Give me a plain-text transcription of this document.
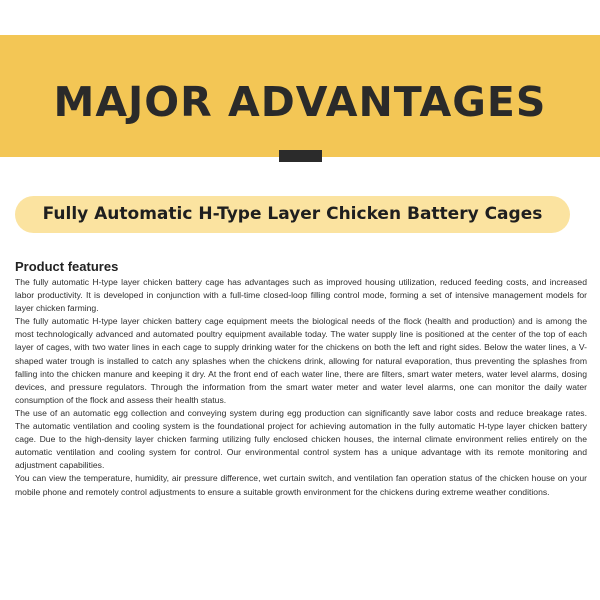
MAJOR ADVANTAGES
Fully Automatic H-Type Layer Chicken Battery Cages
Product features

The fully automatic H-type layer chicken battery cage has advantages such as improved housing utilization, reduced feeding costs, and increased labor productivity. It is developed in conjunction with a full-time closed-loop filling control mode, forming a set of intensive management models for layer chicken farming.

The fully automatic H-type layer chicken battery cage equipment meets the biological needs of the flock (health and production) and is among the most technologically advanced and automated poultry equipment available today. The water supply line is positioned at the center of the top of each layer of cages, with two water lines in each cage to supply drinking water for the chickens on both the left and right sides. Below the water lines, a V-shaped water trough is installed to catch any splashes when the chickens drink, allowing for natural evaporation, thus preventing the splashes from falling into the chicken manure and keeping it dry. At the front end of each water line, there are filters, smart water meters, water level alarms, dosing devices, and pressure regulators. Through the information from the smart water meter and water level alarms, one can monitor the daily water consumption of the flock and assess their health status.

The use of an automatic egg collection and conveying system during egg production can significantly save labor costs and reduce breakage rates. The automatic ventilation and cooling system is the foundational project for achieving automation in the fully automatic H-type layer chicken battery cage. Due to the high-density layer chicken farming utilizing fully enclosed chicken houses, the internal climate environment relies entirely on the automatic ventilation and cooling system for control. Our environmental control system has a unique advantage with its remote monitoring and adjustment capabilities.

You can view the temperature, humidity, air pressure difference, wet curtain switch, and ventilation fan operation status of the chicken house on your mobile phone and remotely control adjustments to ensure a suitable growth environment for the chickens during extreme weather conditions.
